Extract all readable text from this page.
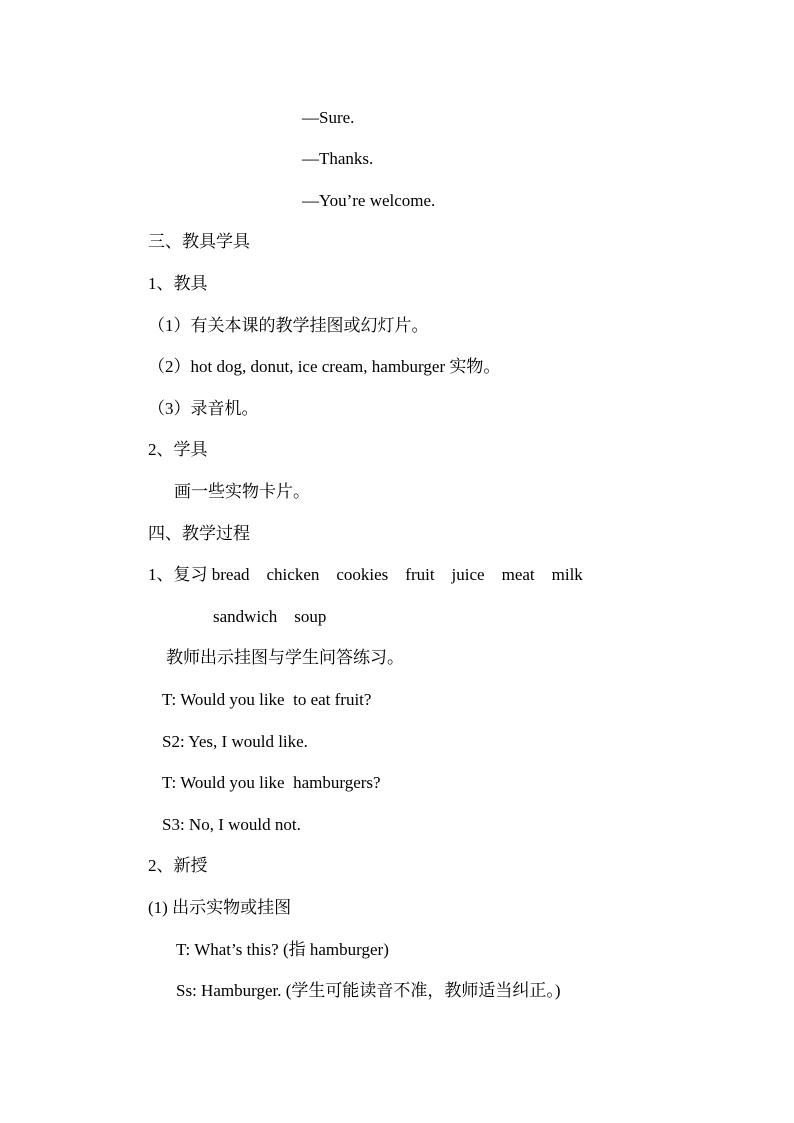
—Sure.
—Thanks.
—You’re welcome.
三、教具学具
1、教具
（1）有关本课的教学挂图或幻灯片。
（2）hot dog, donut, ice cream, hamburger 实物。
（3）录音机。
2、学具
画一些实物卡片。
四、教学过程
1、复习 bread    chicken    cookies    fruit    juice    meat    milk
sandwich    soup
教师出示挂图与学生问答练习。
T: Would you like  to eat fruit?
S2: Yes, I would like.
T: Would you like  hamburgers?
S3: No, I would not.
2、新授
(1) 出示实物或挂图
T: What’s this? (指 hamburger)
Ss: Hamburger. (学生可能读音不准，教师适当纠正。)
